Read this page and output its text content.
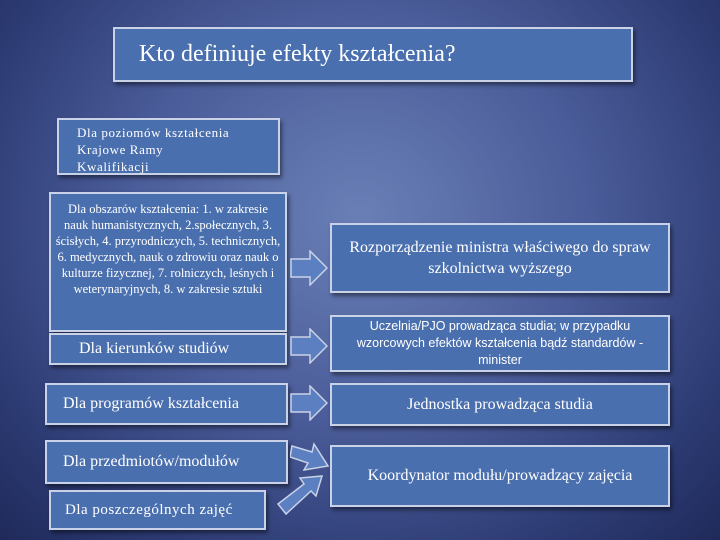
Kto definiuje efekty kształcenia?
Dla poziomów kształcenia
Krajowe Ramy
Kwalifikacji
Dla obszarów kształcenia: 1. w zakresie nauk humanistycznych, 2.społecznych, 3. ścisłych, 4. przyrodniczych, 5. technicznych, 6. medycznych, nauk o zdrowiu oraz nauk o kulturze fizycznej, 7. rolniczych, leśnych i weterynaryjnych, 8. w zakresie sztuki
Dla kierunków studiów
Dla programów kształcenia
Dla przedmiotów/modułów
Dla poszczególnych zajęć
Rozporządzenie ministra właściwego do spraw szkolnictwa wyższego
Uczelnia/PJO prowadząca studia; w przypadku wzorcowych efektów kształcenia bądź standardów - minister
Jednostka prowadząca studia
Koordynator modułu/prowadzący zajęcia
